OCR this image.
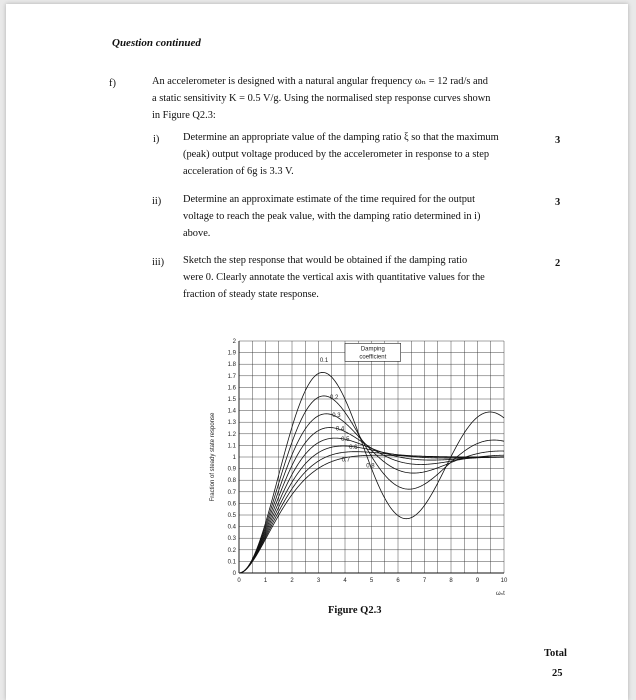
Question continued
f)	An accelerometer is designed with a natural angular frequency ωₙ = 12 rad/s and
a static sensitivity K = 0.5 V/g. Using the normalised step response curves shown
in Figure Q2.3:
i) Determine an appropriate value of the damping ratio ξ so that the maximum
(peak) output voltage produced by the accelerometer in response to a step
acceleration of 6g is 3.3 V.
3
ii) Determine an approximate estimate of the time required for the output
voltage to reach the peak value, with the damping ratio determined in i)
above.
3
iii) Sketch the step response that would be obtained if the damping ratio
were 0. Clearly annotate the vertical axis with quantitative values for the
fraction of steady state response.
2
0
0.1
0.2
0.3
0.4
0.5
0.6
0.7
0.8
0.9
1
1.1
1.2
1.3
1.4
1.5
1.6
1.7
1.8
1.9
2
0	1	2	3	4	5	6	7	8	9	10
0.1
0.2
0.3
0.4
0.5
0.6
0.7
0.8
Fraction of steady state response
ωₙt
Damping
coefficient
Figure Q2.3
Total
25
